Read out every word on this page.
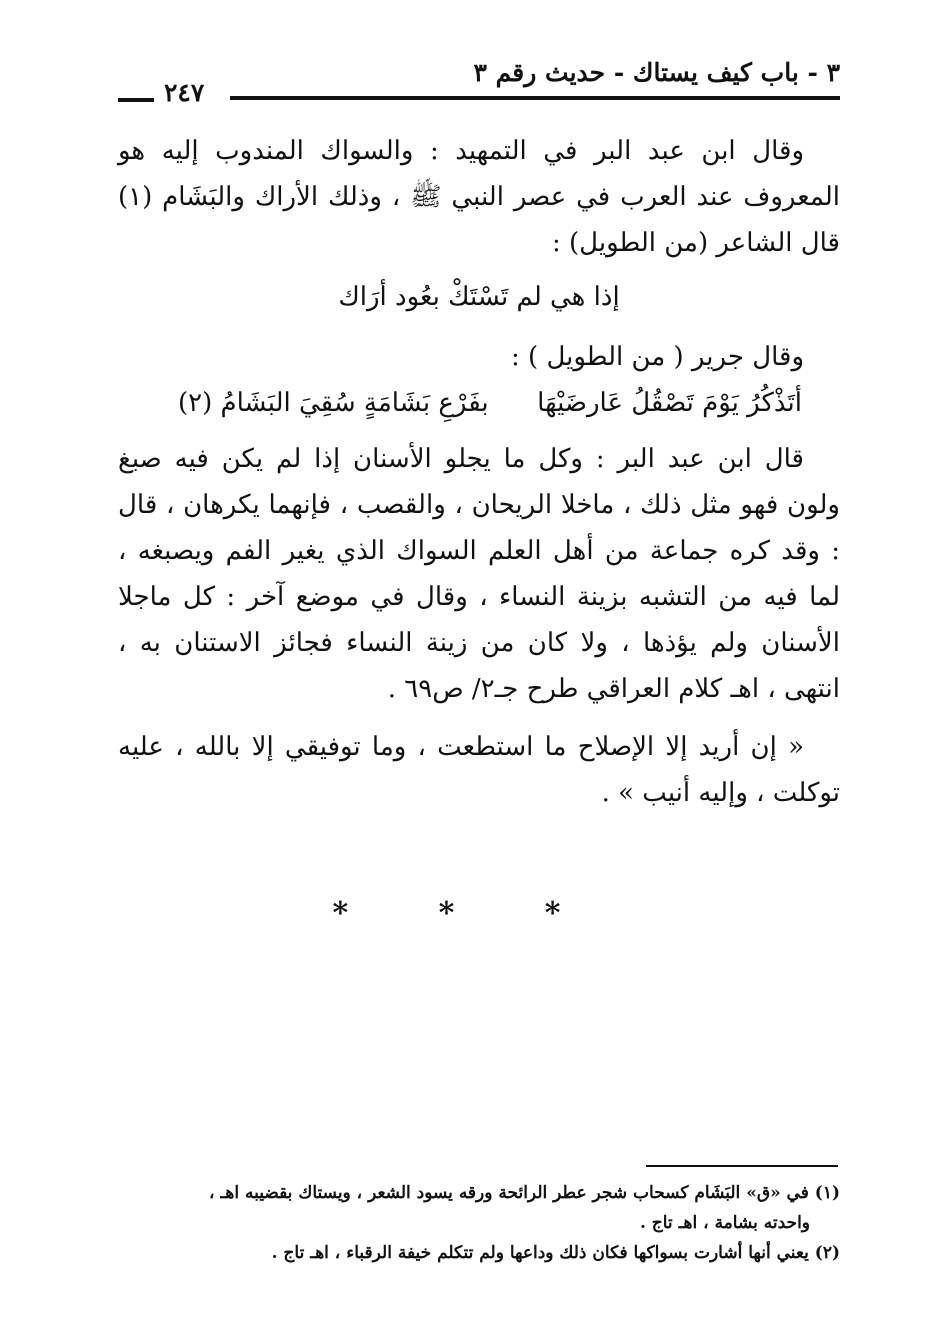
٣ - باب كيف يستاك - حديث رقم ٣
٢٤٧

وقال ابن عبد البر في التمهيد : والسواك المندوب إليه هو المعروف عند العرب في عصر النبي ﷺ ، وذلك الأراك والبَشَام (١) قال الشاعر (من الطويل) :

إذا هي لم تَسْتَكْ بعُود أرَاك

وقال جرير ( من الطويل ) :

أتَذْكُرُ يَوْمَ تَصْقُلُ عَارضَيْهَا
بفَرْعِ بَشَامَةٍ سُقِيَ البَشَامُ (٢)

قال ابن عبد البر : وكل ما يجلو الأسنان إذا لم يكن فيه صبغ ولون فهو مثل ذلك ، ماخلا الريحان ، والقصب ، فإنهما يكرهان ، قال : وقد كره جماعة من أهل العلم السواك الذي يغير الفم ويصبغه ، لما فيه من التشبه بزينة النساء ، وقال في موضع آخر : كل ماجلا الأسنان ولم يؤذها ، ولا كان من زينة النساء فجائز الاستنان به ، انتهى ، اهـ كلام العراقي طرح جـ٢/ ص٦٩ .

« إن أريد إلا الإصلاح ما استطعت ، وما توفيقي إلا بالله ، عليه توكلت ، وإليه أنيب » .

* * *

(١) في «ق» البَشَام كسحاب شجر عطر الرائحة ورقه يسود الشعر ، ويستاك بقضيبه اهـ ،

واحدته بشامة ، اهـ تاج .

(٢) يعني أنها أشارت بسواكها فكان ذلك وداعها ولم تتكلم خيفة الرقباء ، اهـ تاج .
